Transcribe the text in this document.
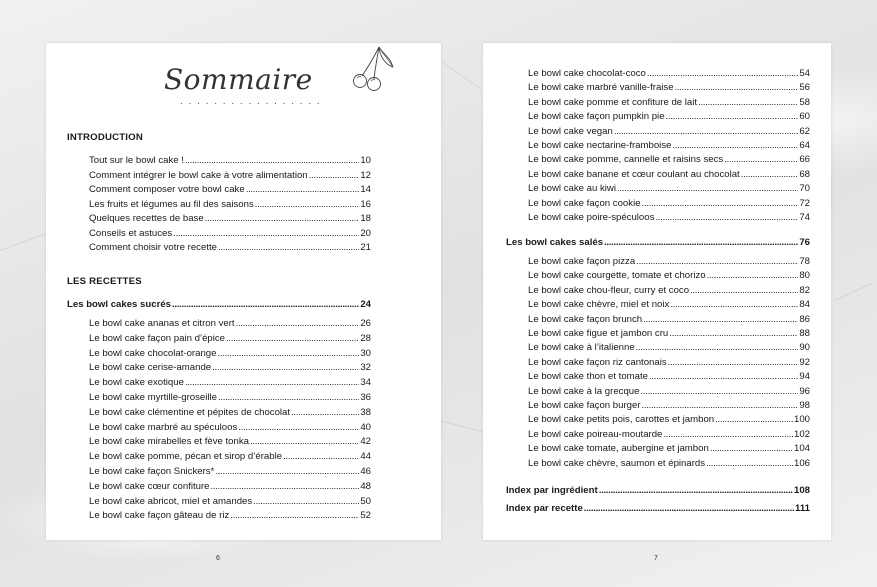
Sommaire
. . . . . . . . . . . . . . . . .
INTRODUCTION
LES RECETTES
Les bowl cakes sucrés .....	24
6
Tout sur le bowl cake ! .....	10
Comment intégrer le bowl cake à votre alimentation .....	12
Comment composer votre bowl cake .....	14
Les fruits et légumes au fil des saisons .....	16
Quelques recettes de base .....	18
Conseils et astuces .....	20
Comment choisir votre recette .....	21
Le bowl cake ananas et citron vert .....	26
Le bowl cake façon pain d’épice .....	28
Le bowl cake chocolat-orange .....	30
Le bowl cake cerise-amande .....	32
Le bowl cake exotique .....	34
Le bowl cake myrtille-groseille .....	36
Le bowl cake clémentine et pépites de chocolat .....	38
Le bowl cake marbré au spéculoos .....	40
Le bowl cake mirabelles et fève tonka .....	42
Le bowl cake pomme, pécan et sirop d’érable .....	44
Le bowl cake façon Snickers* .....	46
Le bowl cake cœur confiture .....	48
Le bowl cake abricot, miel et amandes .....	50
Le bowl cake façon gâteau de riz .....	52
Les bowl cakes salés .....	76
Index par ingrédient .....	108
Index par recette .....	111
7
Le bowl cake chocolat-coco .....	54
Le bowl cake marbré vanille-fraise .....	56
Le bowl cake pomme et confiture de lait .....	58
Le bowl cake façon pumpkin pie .....	60
Le bowl cake vegan .....	62
Le bowl cake nectarine-framboise .....	64
Le bowl cake pomme, cannelle et raisins secs .....	66
Le bowl cake banane et cœur coulant au chocolat .....	68
Le bowl cake au kiwi .....	70
Le bowl cake façon cookie .....	72
Le bowl cake poire-spéculoos .....	74
Le bowl cake façon pizza .....	78
Le bowl cake courgette, tomate et chorizo .....	80
Le bowl cake chou-fleur, curry et coco .....	82
Le bowl cake chèvre, miel et noix .....	84
Le bowl cake façon brunch .....	86
Le bowl cake figue et jambon cru .....	88
Le bowl cake à l’italienne .....	90
Le bowl cake façon riz cantonais .....	92
Le bowl cake thon et tomate .....	94
Le bowl cake à la grecque .....	96
Le bowl cake façon burger .....	98
Le bowl cake petits pois, carottes et jambon .....	100
Le bowl cake poireau-moutarde .....	102
Le bowl cake tomate, aubergine et jambon .....	104
Le bowl cake chèvre, saumon et épinards .....	106
